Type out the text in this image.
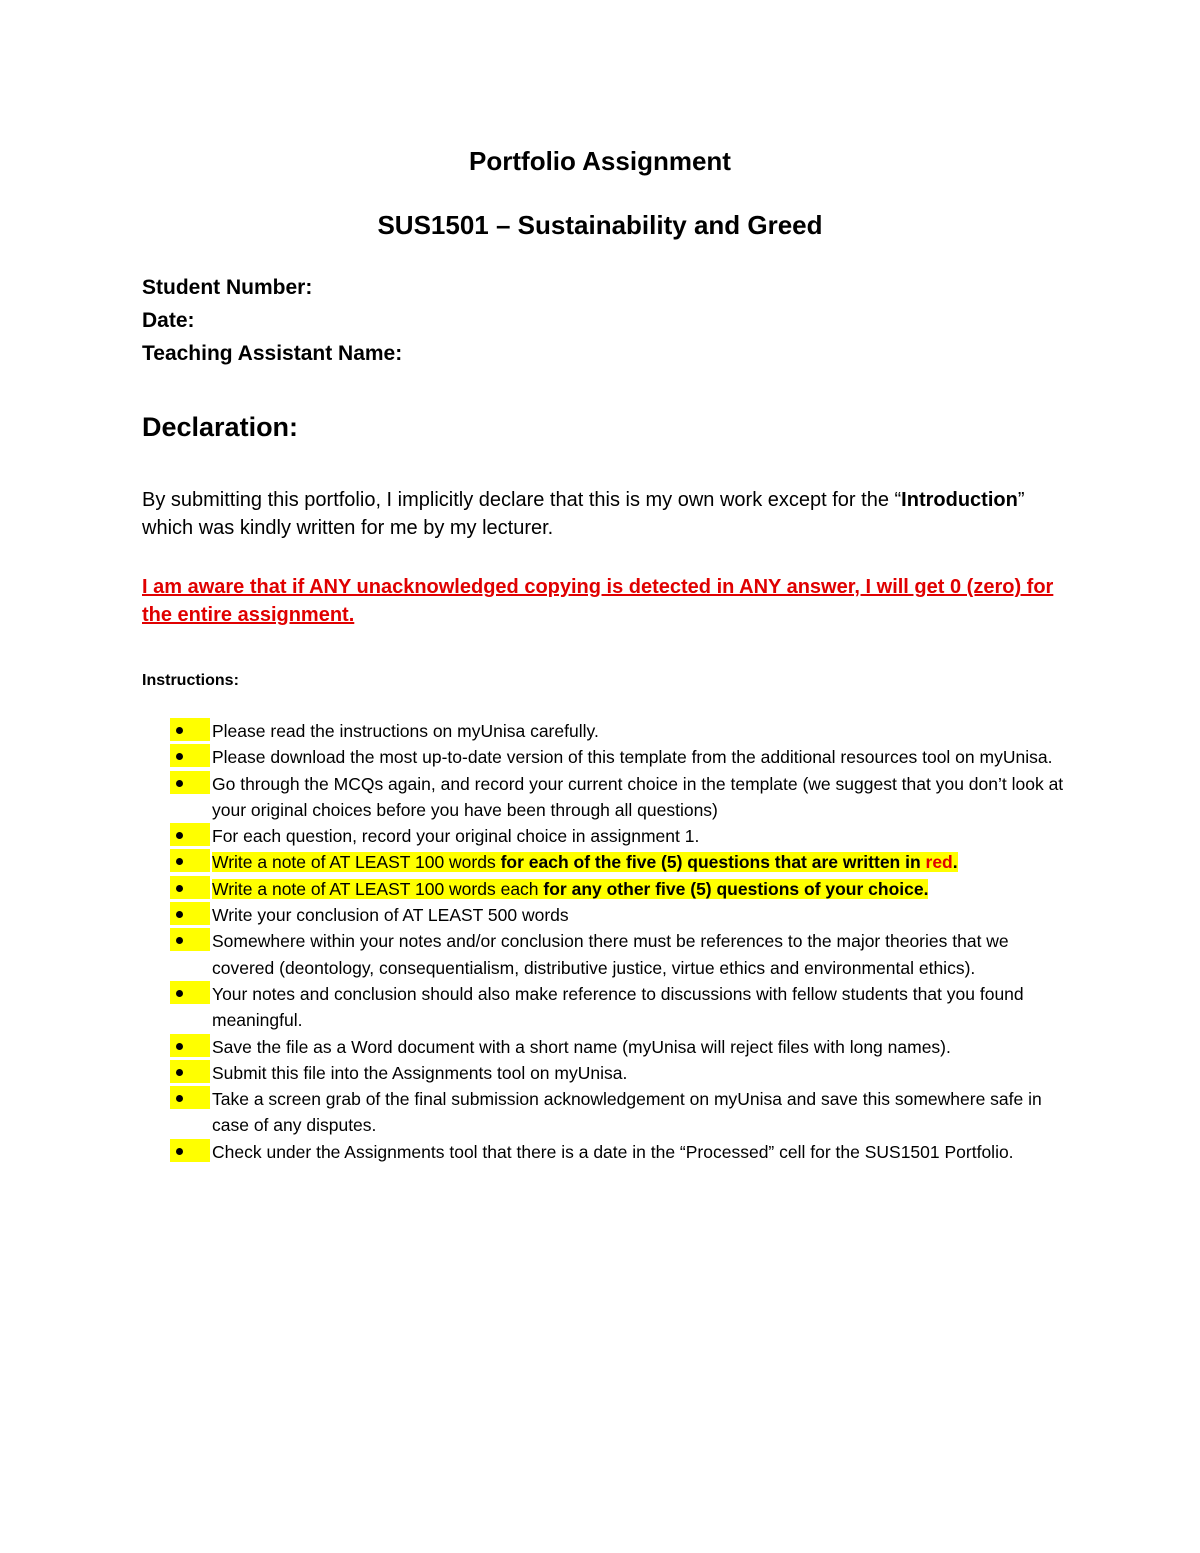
Portfolio Assignment
SUS1501 – Sustainability and Greed
Student Number:
Date:
Teaching Assistant Name:
Declaration:
By submitting this portfolio, I implicitly declare that this is my own work except for the “Introduction” which was kindly written for me by my lecturer.
I am aware that if ANY unacknowledged copying is detected in ANY answer, I will get 0 (zero) for the entire assignment.
Instructions:
Please read the instructions on myUnisa carefully.
Please download the most up-to-date version of this template from the additional resources tool on myUnisa.
Go through the MCQs again, and record your current choice in the template (we suggest that you don’t look at your original choices before you have been through all questions)
For each question, record your original choice in assignment 1.
Write a note of AT LEAST 100 words for each of the five (5) questions that are written in red.
Write a note of AT LEAST 100 words each for any other five (5) questions of your choice.
Write your conclusion of AT LEAST 500 words
Somewhere within your notes and/or conclusion there must be references to the major theories that we covered (deontology, consequentialism, distributive justice, virtue ethics and environmental ethics).
Your notes and conclusion should also make reference to discussions with fellow students that you found meaningful.
Save the file as a Word document with a short name (myUnisa will reject files with long names).
Submit this file into the Assignments tool on myUnisa.
Take a screen grab of the final submission acknowledgement on myUnisa and save this somewhere safe in case of any disputes.
Check under the Assignments tool that there is a date in the “Processed” cell for the SUS1501 Portfolio.
